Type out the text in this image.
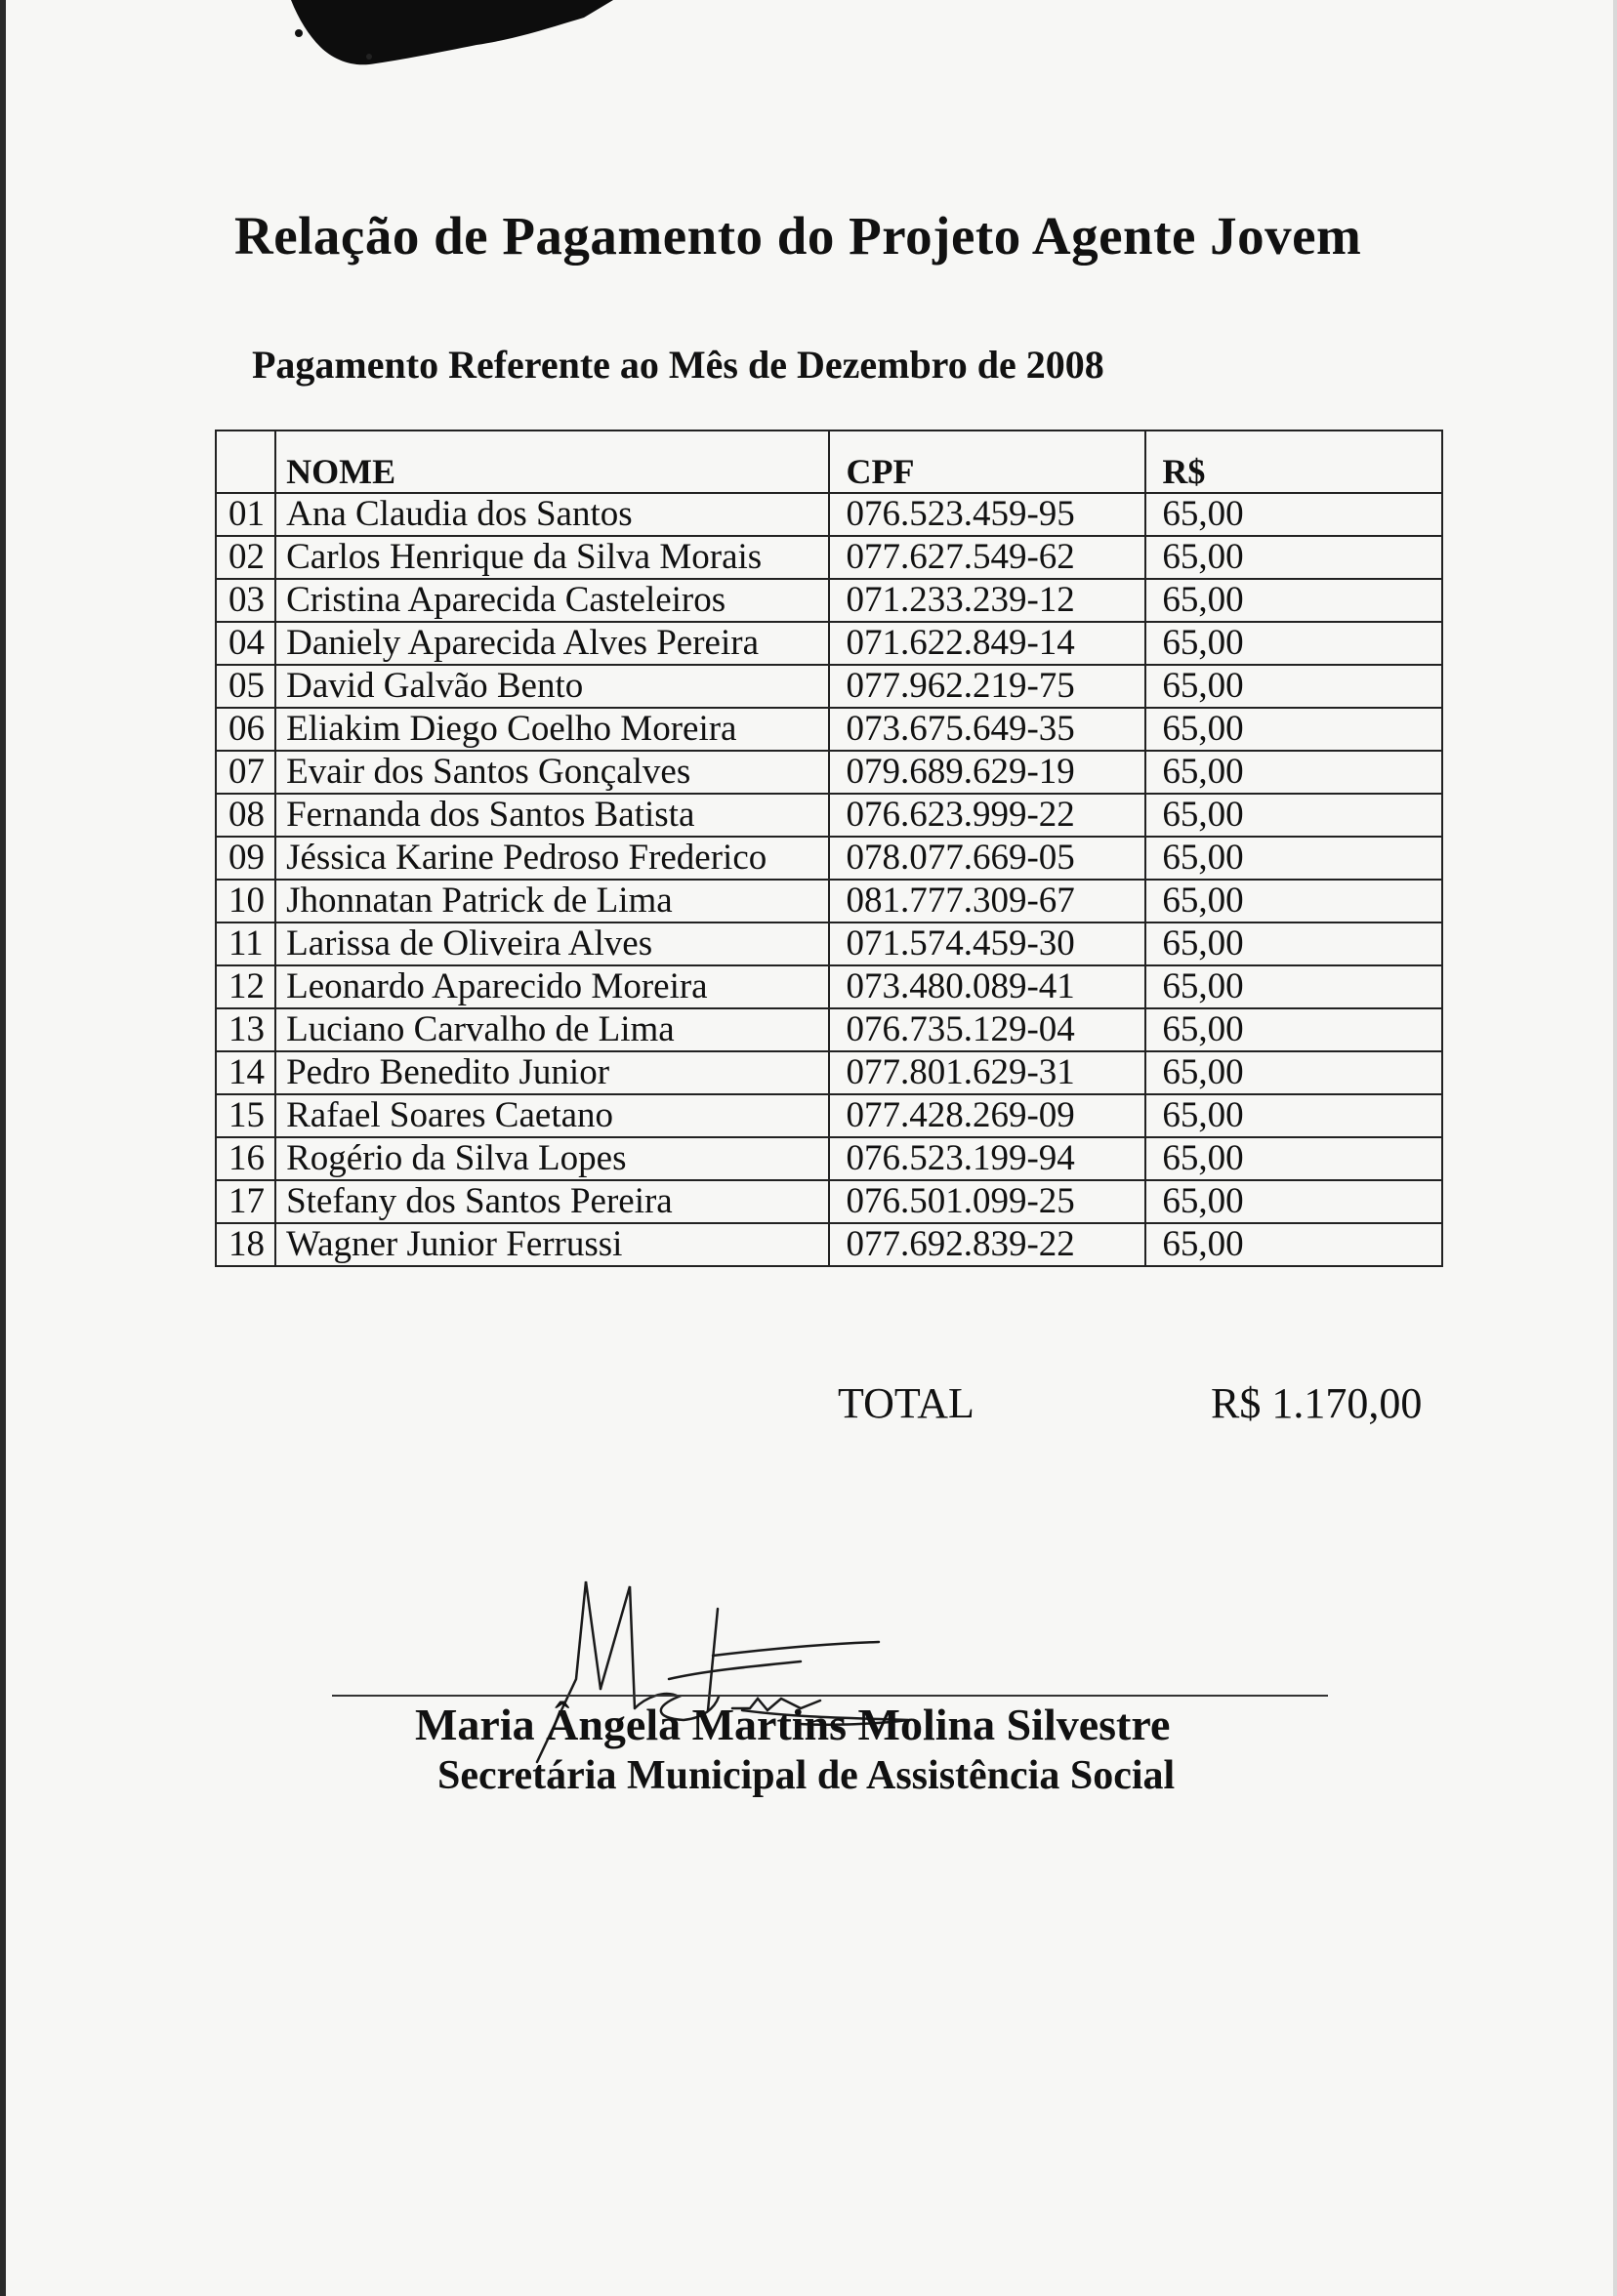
Relação de Pagamento do Projeto Agente Jovem
Pagamento Referente ao Mês de Dezembro de 2008
	NOME	CPF	R$
01	Ana Claudia dos Santos	076.523.459-95	65,00
02	Carlos Henrique da Silva Morais	077.627.549-62	65,00
03	Cristina Aparecida Casteleiros	071.233.239-12	65,00
04	Daniely Aparecida Alves Pereira	071.622.849-14	65,00
05	David Galvão Bento	077.962.219-75	65,00
06	Eliakim Diego Coelho Moreira	073.675.649-35	65,00
07	Evair dos Santos Gonçalves	079.689.629-19	65,00
08	Fernanda dos Santos Batista	076.623.999-22	65,00
09	Jéssica Karine Pedroso Frederico	078.077.669-05	65,00
10	Jhonnatan Patrick de Lima	081.777.309-67	65,00
11	Larissa de Oliveira Alves	071.574.459-30	65,00
12	Leonardo Aparecido Moreira	073.480.089-41	65,00
13	Luciano Carvalho de Lima	076.735.129-04	65,00
14	Pedro Benedito Junior	077.801.629-31	65,00
15	Rafael Soares Caetano	077.428.269-09	65,00
16	Rogério da Silva Lopes	076.523.199-94	65,00
17	Stefany dos Santos Pereira	076.501.099-25	65,00
18	Wagner Junior Ferrussi	077.692.839-22	65,00
TOTAL	R$ 1.170,00
Maria Ângela Martins Molina Silvestre
Secretária Municipal de Assistência Social
